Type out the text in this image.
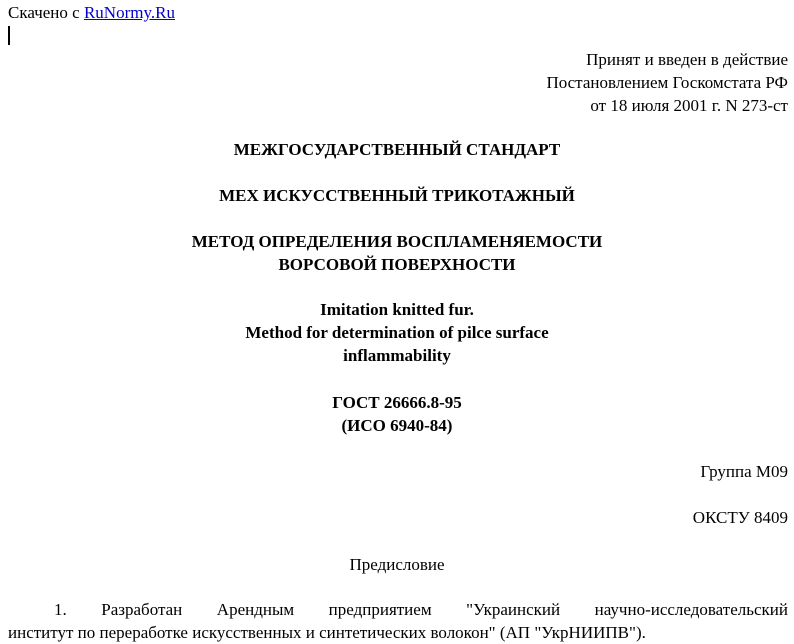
Скачено с RuNormy.Ru
Принят и введен в действие
Постановлением Госкомстата РФ
от 18 июля 2001 г. N 273-ст
МЕЖГОСУДАРСТВЕННЫЙ СТАНДАРТ
МЕХ ИСКУССТВЕННЫЙ ТРИКОТАЖНЫЙ
МЕТОД ОПРЕДЕЛЕНИЯ ВОСПЛАМЕНЯЕМОСТИ
ВОРСОВОЙ ПОВЕРХНОСТИ
Imitation knitted fur.
Method for determination of pilce surface
inflammability
ГОСТ 26666.8-95
(ИСО 6940-84)
Группа М09
ОКСТУ 8409
Предисловие
1. Разработан Арендным предприятием "Украинский научно-исследовательский
институт по переработке искусственных и синтетических волокон" (АП "УкрНИИПВ").
